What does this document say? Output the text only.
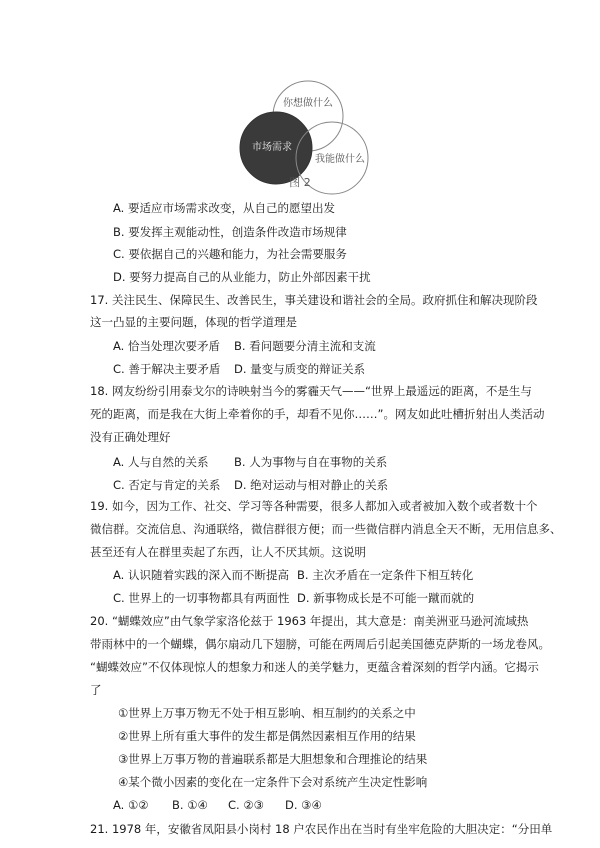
你想做什么
市场需求
我能做什么
图 2
A. 要适应市场需求改变，从自己的愿望出发
B. 要发挥主观能动性，创造条件改造市场规律
C. 要依据自己的兴趣和能力，为社会需要服务
D. 要努力提高自己的从业能力，防止外部因素干扰
17. 关注民生、保障民生、改善民生，事关建设和谐社会的全局。政府抓住和解决现阶段
这一凸显的主要问题，体现的哲学道理是
A. 恰当处理次要矛盾 B. 看问题要分清主流和支流
C. 善于解决主要矛盾 D. 量变与质变的辩证关系
18. 网友纷纷引用泰戈尔的诗映射当今的雾霾天气——“世界上最遥远的距离，不是生与
死的距离，而是我在大街上牵着你的手，却看不见你……”。网友如此吐槽折射出人类活动
没有正确处理好
A. 人与自然的关系 B. 人为事物与自在事物的关系
C. 否定与肯定的关系 D. 绝对运动与相对静止的关系
19. 如今，因为工作、社交、学习等各种需要，很多人都加入或者被加入数个或者数十个
微信群。交流信息、沟通联络，微信群很方便；而一些微信群内消息全天不断，无用信息多、
甚至还有人在群里卖起了东西，让人不厌其烦。这说明
A. 认识随着实践的深入而不断提高 B. 主次矛盾在一定条件下相互转化
C. 世界上的一切事物都具有两面性 D. 新事物成长是不可能一蹴而就的
20. “蝴蝶效应”由气象学家洛伦兹于 1963 年提出，其大意是：南美洲亚马逊河流域热
带雨林中的一个蝴蝶，偶尔扇动几下翅膀，可能在两周后引起美国德克萨斯的一场龙卷风。
“蝴蝶效应”不仅体现惊人的想象力和迷人的美学魅力，更蕴含着深刻的哲学内涵。它揭示
了
①世界上万事万物无不处于相互影响、相互制约的关系之中
②世界上所有重大事件的发生都是偶然因素相互作用的结果
③世界上万事万物的普遍联系都是大胆想象和合理推论的结果
④某个微小因素的变化在一定条件下会对系统产生决定性影响
A. ①② B. ①④ C. ②③ D. ③④
21. 1978 年，安徽省凤阳县小岗村 18 户农民作出在当时有坐牢危险的大胆决定：“分田单
